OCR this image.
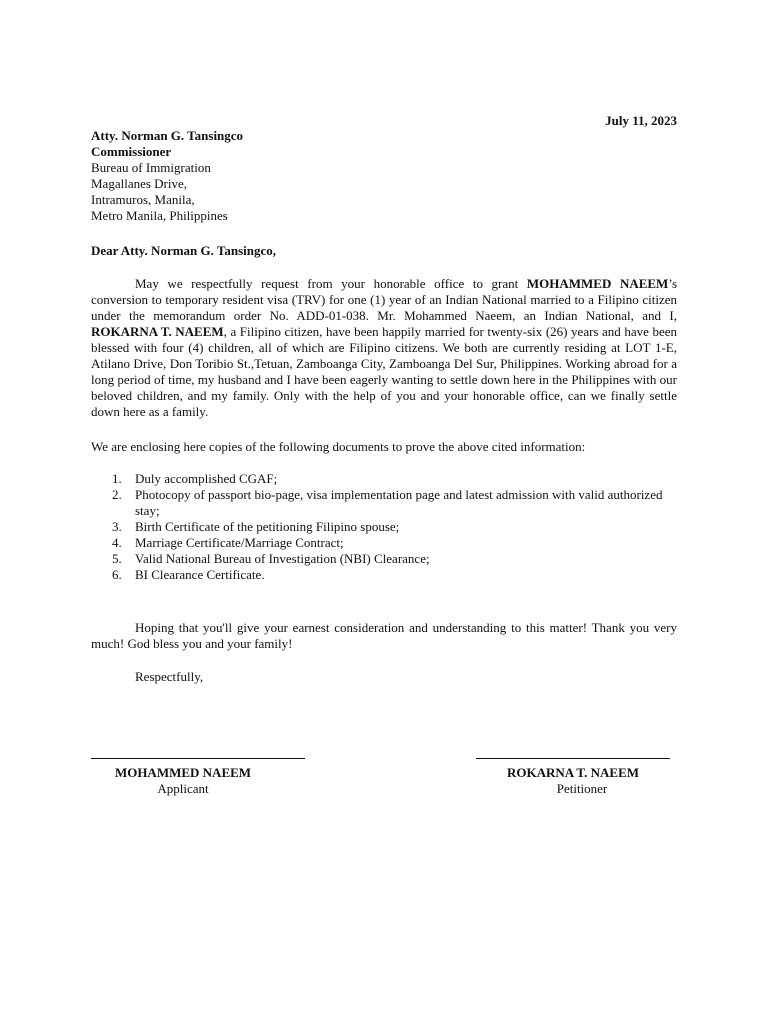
July 11, 2023
Atty. Norman G. Tansingco
Commissioner
Bureau of Immigration
Magallanes Drive,
Intramuros, Manila,
Metro Manila, Philippines
Dear Atty. Norman G. Tansingco,
May we respectfully request from your honorable office to grant MOHAMMED NAEEM’s conversion to temporary resident visa (TRV) for one (1) year of an Indian National married to a Filipino citizen under the memorandum order No. ADD-01-038. Mr. Mohammed Naeem, an Indian National, and I, ROKARNA T. NAEEM, a Filipino citizen, have been happily married for twenty-six (26) years and have been blessed with four (4) children, all of which are Filipino citizens. We both are currently residing at LOT 1-E, Atilano Drive, Don Toribio St.,Tetuan, Zamboanga City, Zamboanga Del Sur, Philippines. Working abroad for a long period of time, my husband and I have been eagerly wanting to settle down here in the Philippines with our beloved children, and my family. Only with the help of you and your honorable office, can we finally settle down here as a family.
We are enclosing here copies of the following documents to prove the above cited information:
1. Duly accomplished CGAF;
2. Photocopy of passport bio-page, visa implementation page and latest admission with valid authorized stay;
3. Birth Certificate of the petitioning Filipino spouse;
4. Marriage Certificate/Marriage Contract;
5. Valid National Bureau of Investigation (NBI) Clearance;
6. BI Clearance Certificate.
Hoping that you'll give your earnest consideration and understanding to this matter! Thank you very much! God bless you and your family!
Respectfully,
MOHAMMED NAEEM
Applicant
ROKARNA T. NAEEM
Petitioner
